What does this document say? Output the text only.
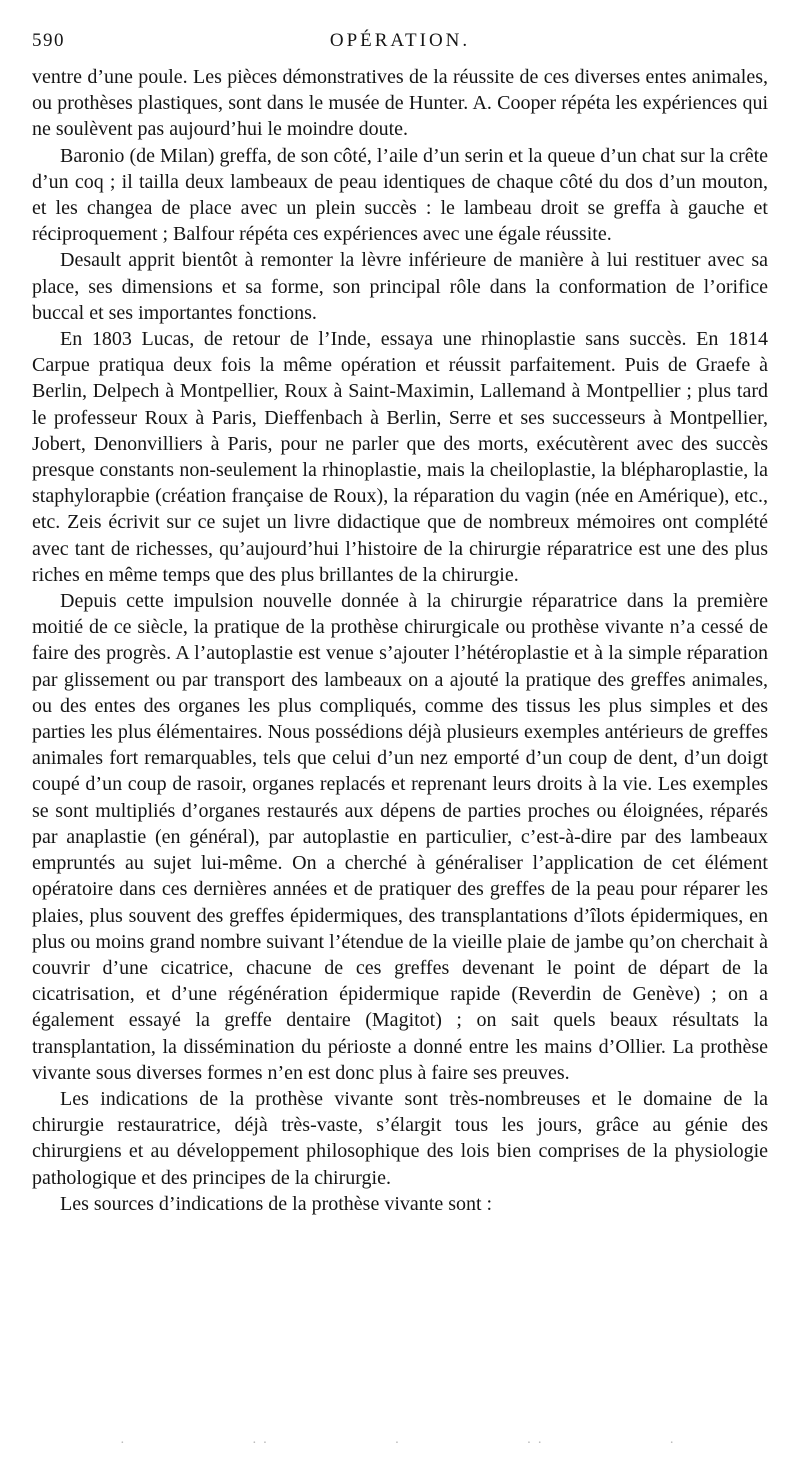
590	OPÉRATION.

ventre d’une poule. Les pièces démonstratives de la réussite de ces diverses entes animales, ou prothèses plastiques, sont dans le musée de Hunter. A. Cooper répéta les expériences qui ne soulèvent pas aujourd’hui le moindre doute.

Baronio (de Milan) greffa, de son côté, l’aile d’un serin et la queue d’un chat sur la crête d’un coq ; il tailla deux lambeaux de peau identiques de chaque côté du dos d’un mouton, et les changea de place avec un plein succès : le lambeau droit se greffa à gauche et réciproquement ; Balfour répéta ces expériences avec une égale réussite.

Desault apprit bientôt à remonter la lèvre inférieure de manière à lui restituer avec sa place, ses dimensions et sa forme, son principal rôle dans la conformation de l’orifice buccal et ses importantes fonctions.

En 1803 Lucas, de retour de l’Inde, essaya une rhinoplastie sans succès. En 1814 Carpue pratiqua deux fois la même opération et réussit parfaitement. Puis de Graefe à Berlin, Delpech à Montpellier, Roux à Saint-Maximin, Lallemand à Montpellier ; plus tard le professeur Roux à Paris, Dieffenbach à Berlin, Serre et ses successeurs à Montpellier, Jobert, Denonvilliers à Paris, pour ne parler que des morts, exécutèrent avec des succès presque constants non-seulement la rhinoplastie, mais la cheiloplastie, la blépharoplastie, la staphylorapbie (création française de Roux), la réparation du vagin (née en Amérique), etc., etc. Zeis écrivit sur ce sujet un livre didactique que de nombreux mémoires ont complété avec tant de richesses, qu’aujourd’hui l’histoire de la chirurgie réparatrice est une des plus riches en même temps que des plus brillantes de la chirurgie.

Depuis cette impulsion nouvelle donnée à la chirurgie réparatrice dans la première moitié de ce siècle, la pratique de la prothèse chirurgicale ou prothèse vivante n’a cessé de faire des progrès. A l’autoplastie est venue s’ajouter l’hétéroplastie et à la simple réparation par glissement ou par transport des lambeaux on a ajouté la pratique des greffes animales, ou des entes des organes les plus compliqués, comme des tissus les plus simples et des parties les plus élémentaires. Nous possédions déjà plusieurs exemples antérieurs de greffes animales fort remarquables, tels que celui d’un nez emporté d’un coup de dent, d’un doigt coupé d’un coup de rasoir, organes replacés et reprenant leurs droits à la vie. Les exemples se sont multipliés d’organes restaurés aux dépens de parties proches ou éloignées, réparés par anaplastie (en général), par autoplastie en particulier, c’est-à-dire par des lambeaux empruntés au sujet lui-même. On a cherché à généraliser l’application de cet élément opératoire dans ces dernières années et de pratiquer des greffes de la peau pour réparer les plaies, plus souvent des greffes épidermiques, des transplantations d’îlots épidermiques, en plus ou moins grand nombre suivant l’étendue de la vieille plaie de jambe qu’on cherchait à couvrir d’une cicatrice, chacune de ces greffes devenant le point de départ de la cicatrisation, et d’une régénération épidermique rapide (Reverdin de Genève) ; on a également essayé la greffe dentaire (Magitot) ; on sait quels beaux résultats la transplantation, la dissémination du périoste a donné entre les mains d’Ollier. La prothèse vivante sous diverses formes n’en est donc plus à faire ses preuves.

Les indications de la prothèse vivante sont très-nombreuses et le domaine de la chirurgie restauratrice, déjà très-vaste, s’élargit tous les jours, grâce au génie des chirurgiens et au développement philosophique des lois bien comprises de la physiologie pathologique et des principes de la chirurgie.

Les sources d’indications de la prothèse vivante sont :

·	··	·	··	·
